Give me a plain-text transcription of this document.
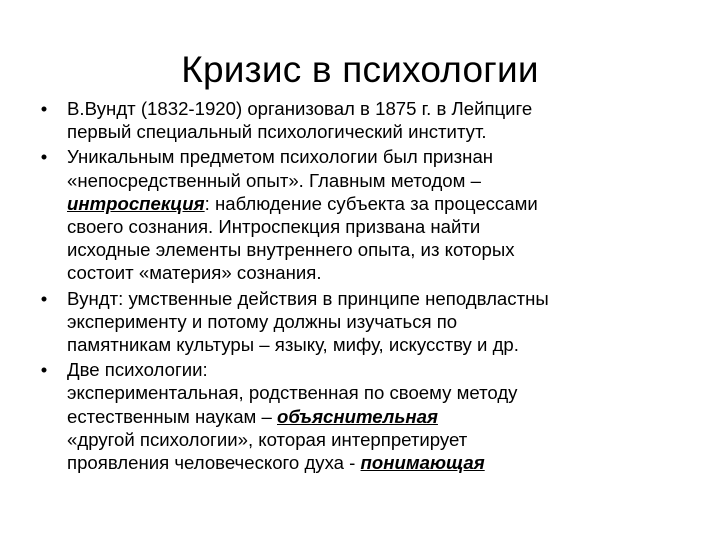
Кризис в психологии
• В.Вундт (1832-1920) организовал в 1875 г. в Лейпциге
первый специальный психологический институт.
• Уникальным предметом психологии был признан
«непосредственный опыт». Главным методом –
интроспекция: наблюдение субъекта за процессами
своего сознания. Интроспекция призвана найти
исходные элементы внутреннего опыта, из которых
состоит «материя» сознания.
• Вундт: умственные действия в принципе неподвластны
эксперименту и потому должны изучаться по
памятникам культуры – языку, мифу, искусству и др.
• Две психологии:
экспериментальная, родственная по своему методу
естественным наукам – объяснительная
«другой психологии», которая интерпретирует
проявления человеческого духа - понимающая
